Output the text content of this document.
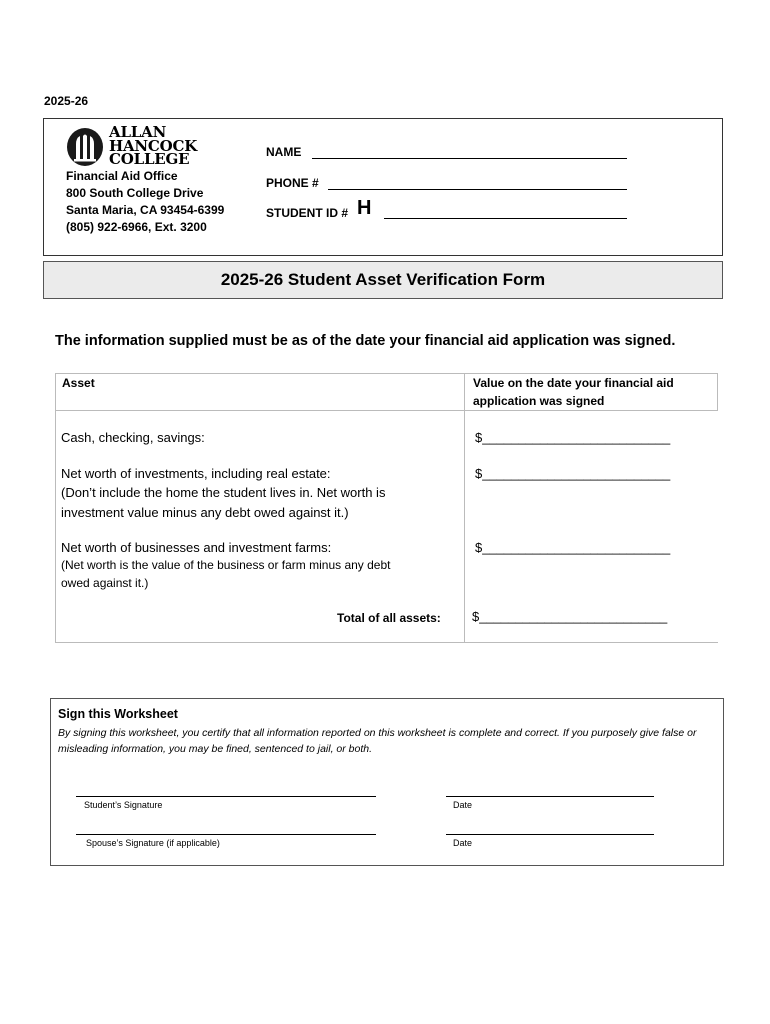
2025-26
ALLAN
HANCOCK
COLLEGE
Financial Aid Office
800 South College Drive
Santa Maria, CA 93454-6399
(805) 922-6966, Ext. 3200
NAME
PHONE #
STUDENT ID # H
2025-26 Student Asset Verification Form
The information supplied must be as of the date your financial aid application was signed.
Asset	Value on the date your financial aid
application was signed
Cash, checking, savings:	$__________________________
Net worth of investments, including real estate:
(Don’t include the home the student lives in. Net worth is
investment value minus any debt owed against it.)
$__________________________
Net worth of businesses and investment farms:
(Net worth is the value of the business or farm minus any debt
owed against it.)
$__________________________
Total of all assets: $__________________________
Sign this Worksheet
By signing this worksheet, you certify that all information reported on this worksheet is complete and correct. If you purposely give false or misleading information, you may be fined, sentenced to jail, or both.
Student’s Signature	Date
Spouse’s Signature (if applicable)	Date
